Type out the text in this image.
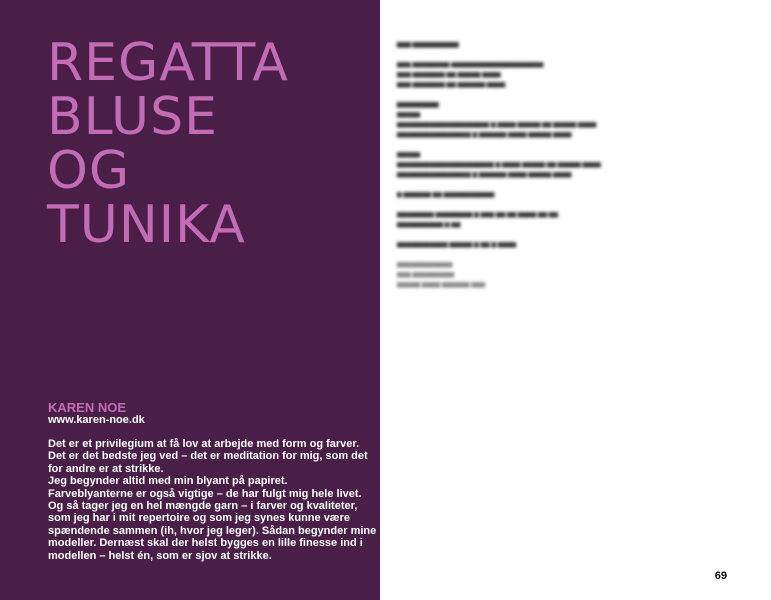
REGATTA
BLUSE
OG
TUNIKA
KAREN NOE
www.karen-noe.dk
Det er et privilegium at få lov at arbejde med form og farver.
Det er det bedste jeg ved – det er meditation for mig, som det
for andre er at strikke.
Jeg begynder altid med min blyant på papiret.
Farveblyanterne er også vigtige – de har fulgt mig hele livet.
Og så tager jeg en hel mængde garn – i farver og kvaliteter,
som jeg har i mit repertoire og som jeg synes kunne være
spændende sammen (ih, hvor jeg leger). Sådan begynder mine
modeller. Dernæst skal der helst bygges en lille finesse ind i
modellen – helst én, som er sjov at strikke.
▆▆▆ ▆▆▆▆▆▆▆▆▆▆
▆▆▆ ▆▆▆▆▆▆▆▆ ▆▆▆▆▆▆▆▆▆▆▆▆▆▆▆▆▆▆▆▆
▆▆▆ ▆▆▆▆▆▆▆ ▆▆ ▆▆▆▆▆ ▆▆▆▆
▆▆▆ ▆▆▆▆▆▆▆ ▆▆ ▆▆▆▆▆▆ ▆▆▆▆
▆▆▆▆▆▆▆▆▆
▆▆▆▆▆
▆▆▆▆▆▆▆▆▆▆▆▆▆▆▆▆▆▆▆▆ ▆ ▆▆▆▆ ▆▆▆▆▆ ▆▆ ▆▆▆▆▆ ▆▆▆▆
▆▆▆▆▆▆▆▆▆▆▆▆▆▆▆▆ ▆ ▆▆▆▆▆▆ ▆▆▆▆ ▆▆▆▆▆ ▆▆▆▆
▆▆▆▆▆
▆▆▆▆▆▆▆▆▆▆▆▆▆▆▆▆▆▆▆▆▆ ▆ ▆▆▆▆ ▆▆▆▆▆ ▆▆ ▆▆▆▆▆ ▆▆▆▆
▆▆▆▆▆▆▆▆▆▆▆▆▆▆▆▆ ▆ ▆▆▆▆▆▆ ▆▆▆▆ ▆▆▆▆▆ ▆▆▆▆
▆ ▆▆▆▆▆▆ ▆▆ ▆▆▆▆▆▆▆▆▆▆▆
▆▆▆▆▆▆▆▆ ▆▆▆▆▆▆▆▆ ▆ ▆▆▆ ▆▆ ▆▆ ▆▆▆▆ ▆▆ ▆▆
▆▆▆▆▆▆▆▆▆▆ ▆ ▆▆
▆▆▆▆▆▆▆▆▆▆▆ ▆▆▆▆▆ ▆ ▆▆ ▆ ▆▆▆▆
▆▆▆▆▆▆▆▆▆▆▆▆
▆▆▆ ▆▆▆▆▆▆▆▆▆
▆▆▆▆▆ ▆▆▆▆ ▆▆▆▆▆▆ ▆▆▆
69
